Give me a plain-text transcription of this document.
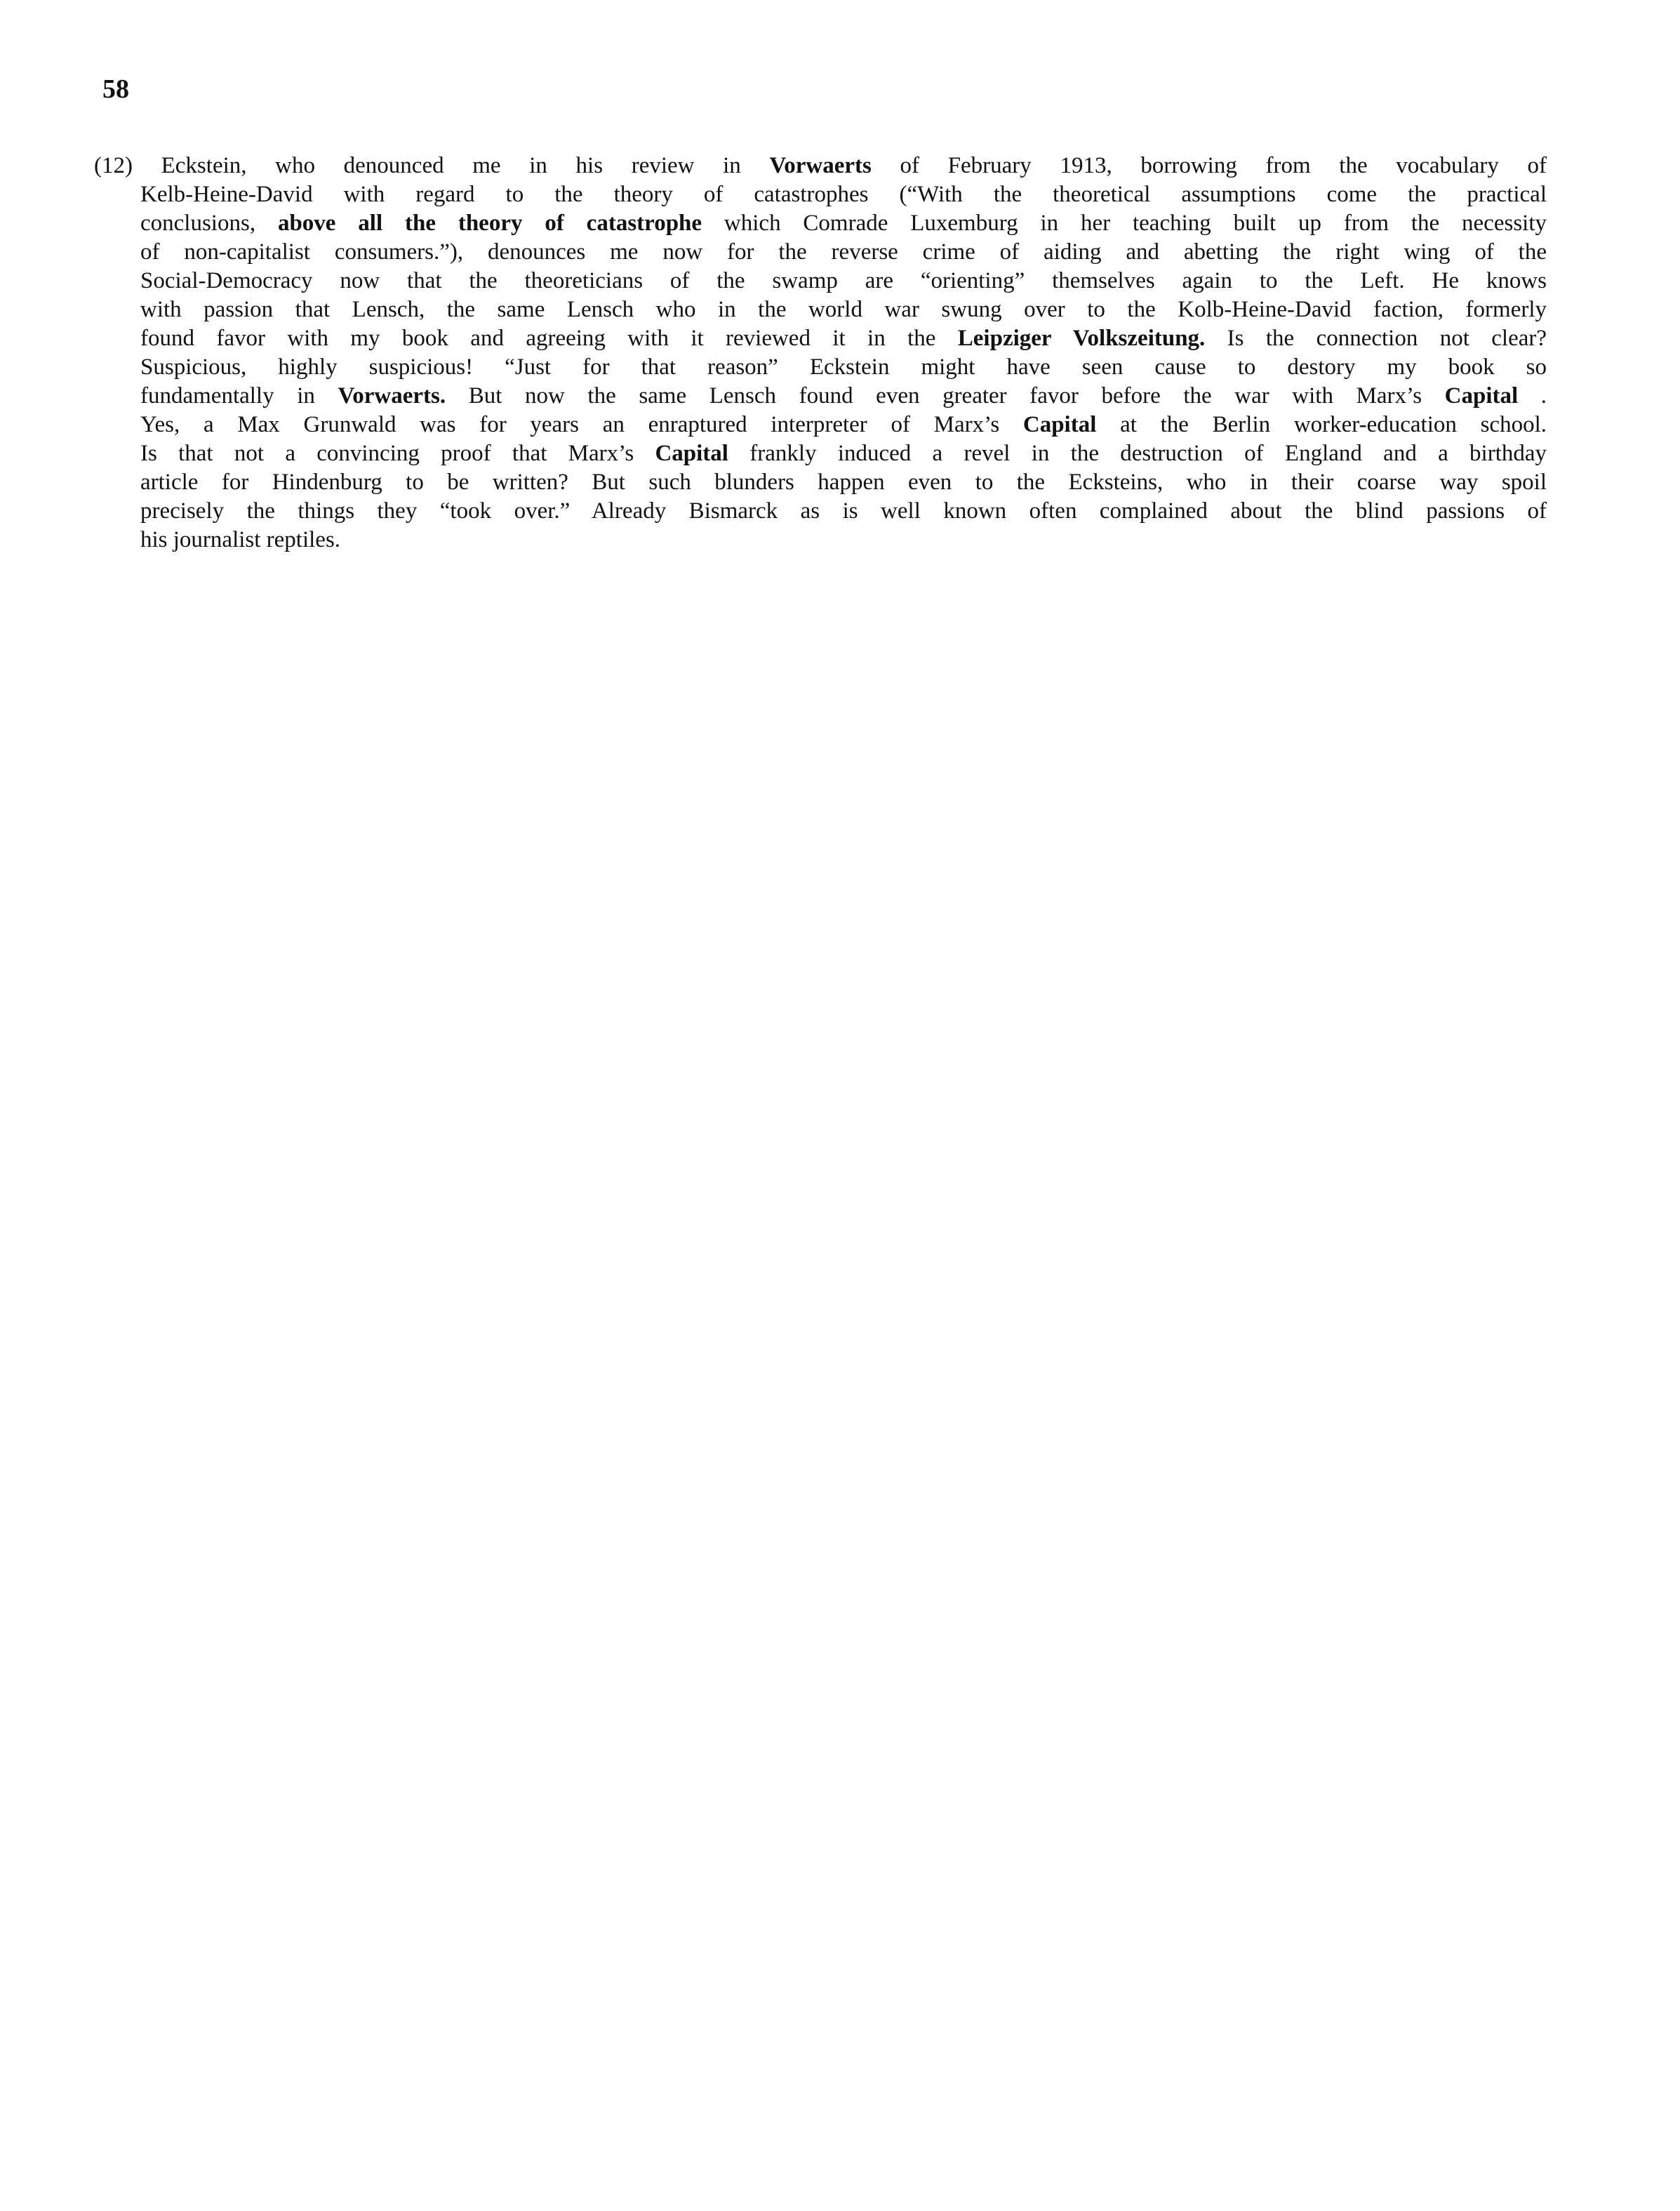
58
(12) Eckstein, who denounced me in his review in Vorwaerts of February 1913, borrowing from the vocabulary of
Kelb-Heine-David with regard to the theory of catastrophes (“With the theoretical assumptions come the practical
conclusions, above all the theory of catastrophe which Comrade Luxemburg in her teaching built up from the necessity
of non-capitalist consumers.”), denounces me now for the reverse crime of aiding and abetting the right wing of the
Social-Democracy now that the theoreticians of the swamp are “orienting” themselves again to the Left. He knows
with passion that Lensch, the same Lensch who in the world war swung over to the Kolb-Heine-David faction, formerly
found favor with my book and agreeing with it reviewed it in the Leipziger Volkszeitung. Is the connection not clear?
Suspicious, highly suspicious! “Just for that reason” Eckstein might have seen cause to destory my book so
fundamentally in Vorwaerts. But now the same Lensch found even greater favor before the war with Marx’s Capital .
Yes, a Max Grunwald was for years an enraptured interpreter of Marx’s Capital at the Berlin worker-education school.
Is that not a convincing proof that Marx’s Capital frankly induced a revel in the destruction of England and a birthday
article for Hindenburg to be written? But such blunders happen even to the Ecksteins, who in their coarse way spoil
precisely the things they “took over.” Already Bismarck as is well known often complained about the blind passions of
his journalist reptiles.
